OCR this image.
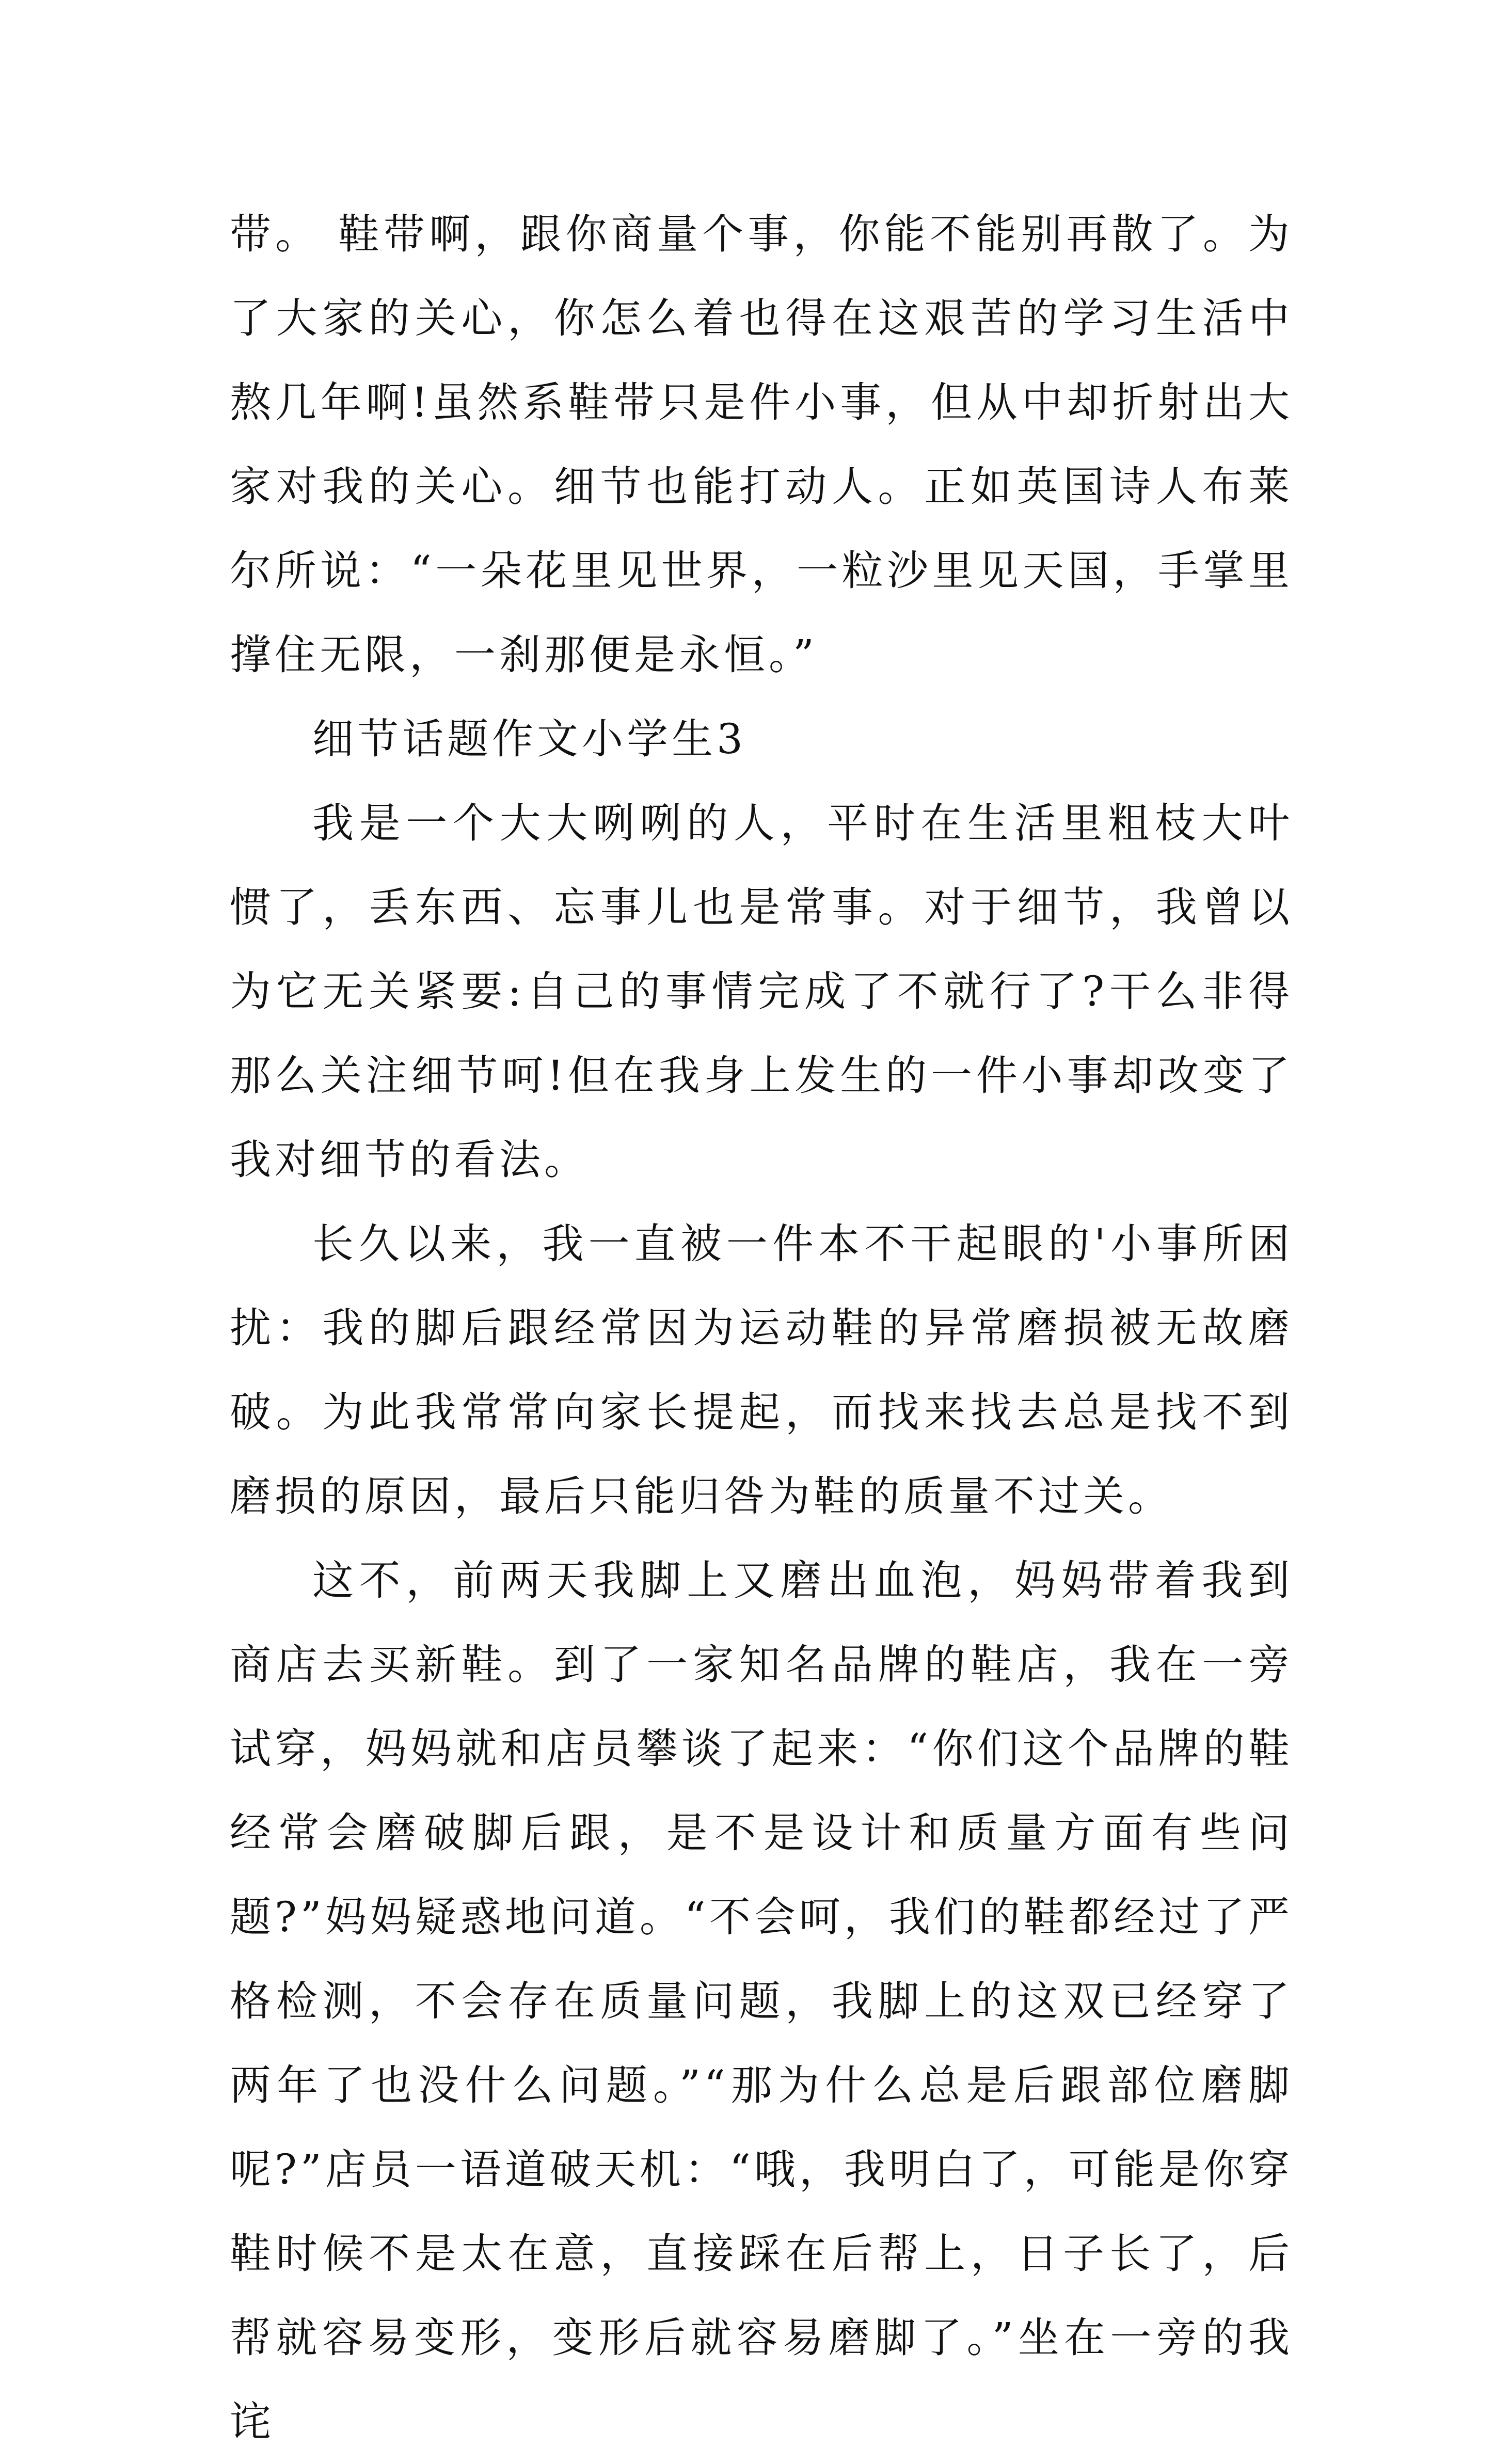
带。 鞋带啊，跟你商量个事，你能不能别再散了。为了大家的关心，你怎么着也得在这艰苦的学习生活中熬几年啊!虽然系鞋带只是件小事，但从中却折射出大家对我的关心。细节也能打动人。正如英国诗人布莱尔所说：“一朵花里见世界，一粒沙里见天国，手掌里撑住无限，一刹那便是永恒。”

细节话题作文小学生3

我是一个大大咧咧的人，平时在生活里粗枝大叶惯了，丢东西、忘事儿也是常事。对于细节，我曾以为它无关紧要:自己的事情完成了不就行了?干么非得那么关注细节呵!但在我身上发生的一件小事却改变了我对细节的看法。

长久以来，我一直被一件本不干起眼的'小事所困扰：我的脚后跟经常因为运动鞋的异常磨损被无故磨破。为此我常常向家长提起，而找来找去总是找不到磨损的原因，最后只能归咎为鞋的质量不过关。

这不，前两天我脚上又磨出血泡，妈妈带着我到商店去买新鞋。到了一家知名品牌的鞋店，我在一旁试穿，妈妈就和店员攀谈了起来：“你们这个品牌的鞋经常会磨破脚后跟，是不是设计和质量方面有些问题?”妈妈疑惑地问道。“不会呵，我们的鞋都经过了严格检测，不会存在质量问题，我脚上的这双已经穿了两年了也没什么问题。”“那为什么总是后跟部位磨脚呢?”店员一语道破天机：“哦，我明白了，可能是你穿鞋时候不是太在意，直接踩在后帮上，日子长了，后帮就容易变形，变形后就容易磨脚了。”坐在一旁的我诧
